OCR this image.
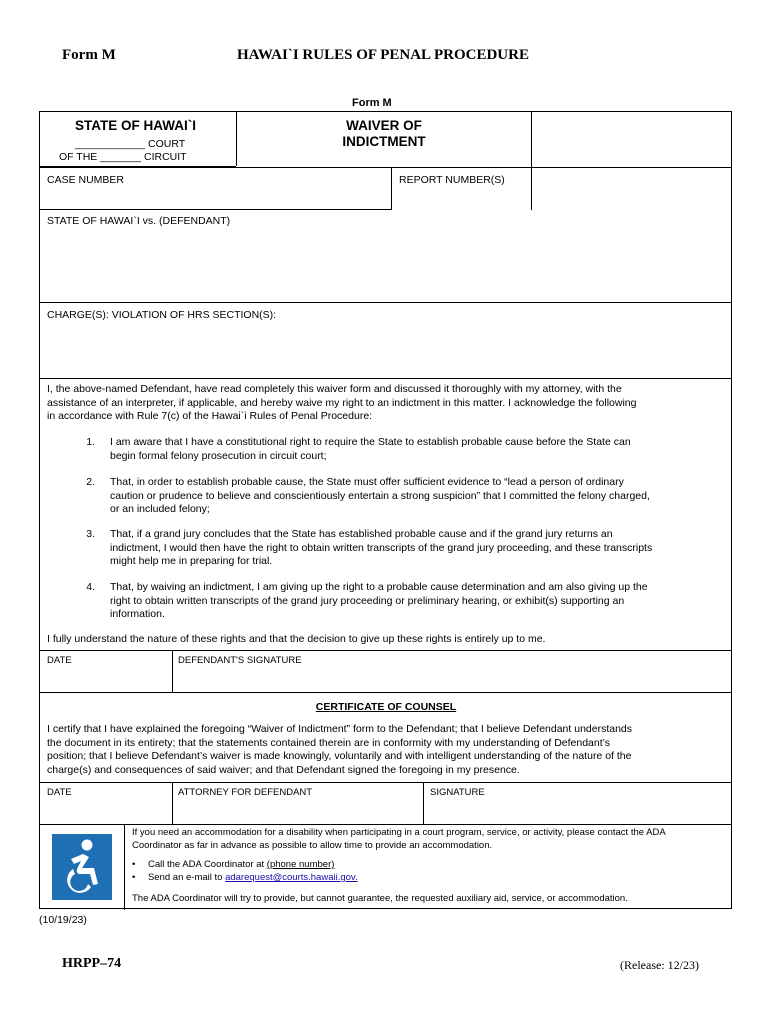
Form M	HAWAI`I RULES OF PENAL PROCEDURE
Form M
STATE OF HAWAI`I
____________ COURT
OF THE _______ CIRCUIT
WAIVER OF
INDICTMENT
CASE NUMBER	REPORT NUMBER(S)
STATE OF HAWAI`I vs. (DEFENDANT)
CHARGE(S): VIOLATION OF HRS SECTION(S):
I, the above-named Defendant, have read completely this waiver form and discussed it thoroughly with my attorney, with the
assistance of an interpreter, if applicable, and hereby waive my right to an indictment in this matter. I acknowledge the following
in accordance with Rule 7(c) of the Hawai`i Rules of Penal Procedure:
1. I am aware that I have a constitutional right to require the State to establish probable cause before the State can
begin formal felony prosecution in circuit court;
2. That, in order to establish probable cause, the State must offer sufficient evidence to “lead a person of ordinary
caution or prudence to believe and conscientiously entertain a strong suspicion” that I committed the felony charged,
or an included felony;
3. That, if a grand jury concludes that the State has established probable cause and if the grand jury returns an
indictment, I would then have the right to obtain written transcripts of the grand jury proceeding, and these transcripts
might help me in preparing for trial.
4. That, by waiving an indictment, I am giving up the right to a probable cause determination and am also giving up the
right to obtain written transcripts of the grand jury proceeding or preliminary hearing, or exhibit(s) supporting an
information.
I fully understand the nature of these rights and that the decision to give up these rights is entirely up to me.
DATE	DEFENDANT'S SIGNATURE
CERTIFICATE OF COUNSEL
I certify that I have explained the foregoing “Waiver of Indictment” form to the Defendant; that I believe Defendant understands
the document in its entirety; that the statements contained therein are in conformity with my understanding of Defendant’s
position; that I believe Defendant’s waiver is made knowingly, voluntarily and with intelligent understanding of the nature of the
charge(s) and consequences of said waiver; and that Defendant signed the foregoing in my presence.
DATE	ATTORNEY FOR DEFENDANT	SIGNATURE
If you need an accommodation for a disability when participating in a court program, service, or activity, please contact the ADA
Coordinator as far in advance as possible to allow time to provide an accommodation.
• Call the ADA Coordinator at (phone number)
• Send an e-mail to adarequest@courts.hawaii.gov.
The ADA Coordinator will try to provide, but cannot guarantee, the requested auxiliary aid, service, or accommodation.
(10/19/23)
HRPP–74	(Release: 12/23)
